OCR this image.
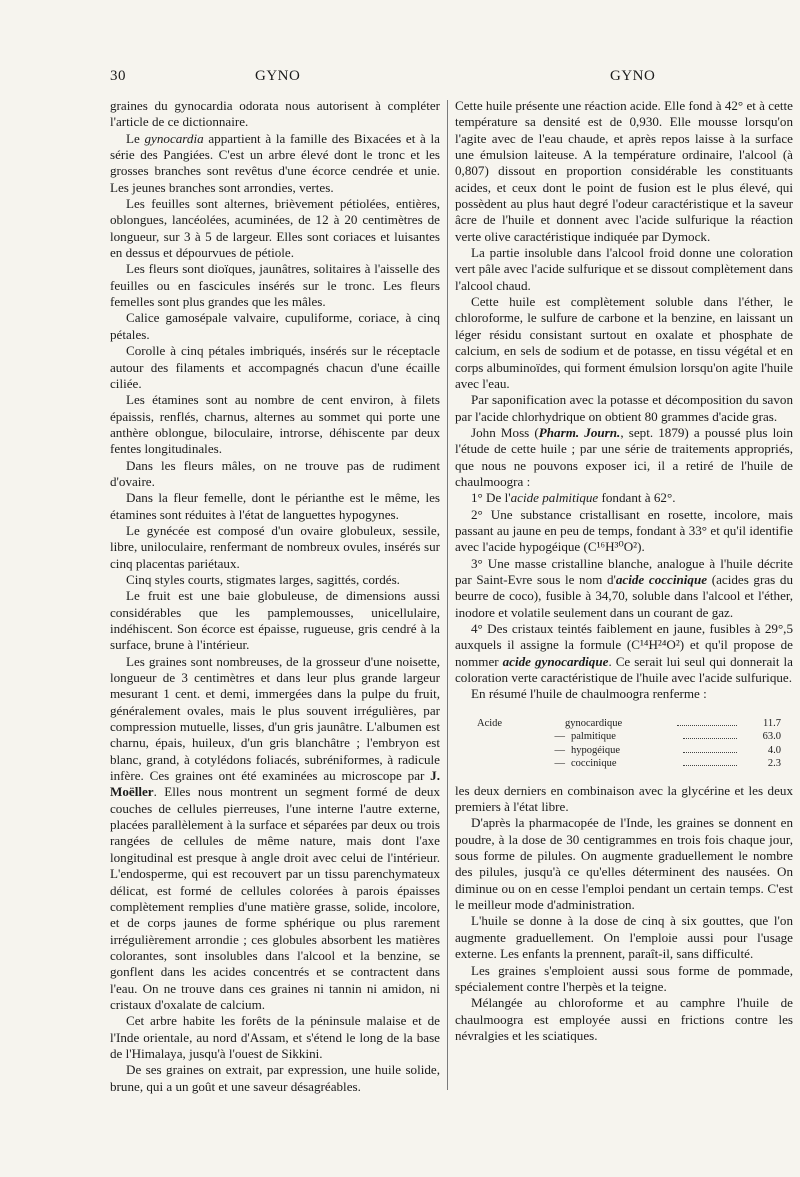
30	GYNO	GYNO

graines du gynocardia odorata nous autorisent à compléter l'article de ce dictionnaire.

Le gynocardia appartient à la famille des Bixacées et à la série des Pangiées. C'est un arbre élevé dont le tronc et les grosses branches sont revêtus d'une écorce cendrée et unie. Les jeunes branches sont arrondies, vertes.

Les feuilles sont alternes, brièvement pétiolées, entières, oblongues, lancéolées, acuminées, de 12 à 20 centimètres de longueur, sur 3 à 5 de largeur. Elles sont coriaces et luisantes en dessus et dépourvues de pétiole.

Les fleurs sont dioïques, jaunâtres, solitaires à l'aisselle des feuilles ou en fascicules insérés sur le tronc. Les fleurs femelles sont plus grandes que les mâles.

Calice gamosépale valvaire, cupuliforme, coriace, à cinq pétales.

Corolle à cinq pétales imbriqués, insérés sur le réceptacle autour des filaments et accompagnés chacun d'une écaille ciliée.

Les étamines sont au nombre de cent environ, à filets épaissis, renflés, charnus, alternes au sommet qui porte une anthère oblongue, biloculaire, introrse, déhiscente par deux fentes longitudinales.

Dans les fleurs mâles, on ne trouve pas de rudiment d'ovaire.

Dans la fleur femelle, dont le périanthe est le même, les étamines sont réduites à l'état de languettes hypogynes.

Le gynécée est composé d'un ovaire globuleux, sessile, libre, uniloculaire, renfermant de nombreux ovules, insérés sur cinq placentas pariétaux.

Cinq styles courts, stigmates larges, sagittés, cordés.

Le fruit est une baie globuleuse, de dimensions aussi considérables que les pamplemousses, unicellulaire, indéhiscent. Son écorce est épaisse, rugueuse, gris cendré à la surface, brune à l'intérieur.

Les graines sont nombreuses, de la grosseur d'une noisette, longueur de 3 centimètres et dans leur plus grande largeur mesurant 1 cent. et demi, immergées dans la pulpe du fruit, généralement ovales, mais le plus souvent irrégulières, par compression mutuelle, lisses, d'un gris jaunâtre. L'albumen est charnu, épais, huileux, d'un gris blanchâtre ; l'embryon est blanc, grand, à cotylédons foliacés, subréniformes, à radicule infère. Ces graines ont été examinées au microscope par J. Moëller. Elles nous montrent un segment formé de deux couches de cellules pierreuses, l'une interne l'autre externe, placées parallèlement à la surface et séparées par deux ou trois rangées de cellules de même nature, mais dont l'axe longitudinal est presque à angle droit avec celui de l'intérieur. L'endosperme, qui est recouvert par un tissu parenchymateux délicat, est formé de cellules colorées à parois épaisses complètement remplies d'une matière grasse, solide, incolore, et de corps jaunes de forme sphérique ou plus rarement irrégulièrement arrondie ; ces globules absorbent les matières colorantes, sont insolubles dans l'alcool et la benzine, se gonflent dans les acides concentrés et se contractent dans l'eau. On ne trouve dans ces graines ni tannin ni amidon, ni cristaux d'oxalate de calcium.

Cet arbre habite les forêts de la péninsule malaise et de l'Inde orientale, au nord d'Assam, et s'étend le long de la base de l'Himalaya, jusqu'à l'ouest de Sikkini.

De ses graines on extrait, par expression, une huile solide, brune, qui a un goût et une saveur désagréables.

Cette huile présente une réaction acide. Elle fond à 42° et à cette température sa densité est de 0,930. Elle mousse lorsqu'on l'agite avec de l'eau chaude, et après repos laisse à la surface une émulsion laiteuse. A la température ordinaire, l'alcool (à 0,807) dissout en proportion considérable les constituants acides, et ceux dont le point de fusion est le plus élevé, qui possèdent au plus haut degré l'odeur caractéristique et la saveur âcre de l'huile et donnent avec l'acide sulfurique la réaction verte olive caractéristique indiquée par Dymock.

La partie insoluble dans l'alcool froid donne une coloration vert pâle avec l'acide sulfurique et se dissout complètement dans l'alcool chaud.

Cette huile est complètement soluble dans l'éther, le chloroforme, le sulfure de carbone et la benzine, en laissant un léger résidu consistant surtout en oxalate et phosphate de calcium, en sels de sodium et de potasse, en tissu végétal et en corps albuminoïdes, qui forment émulsion lorsqu'on agite l'huile avec l'eau.

Par saponification avec la potasse et décomposition du savon par l'acide chlorhydrique on obtient 80 grammes d'acide gras.

John Moss (Pharm. Journ., sept. 1879) a poussé plus loin l'étude de cette huile ; par une série de traitements appropriés, que nous ne pouvons exposer ici, il a retiré de l'huile de chaulmoogra :

1° De l'acide palmitique fondant à 62°.

2° Une substance cristallisant en rosette, incolore, mais passant au jaune en peu de temps, fondant à 33° et qu'il identifie avec l'acide hypogéique (C¹⁶H³⁰O²).

3° Une masse cristalline blanche, analogue à l'huile décrite par Saint-Evre sous le nom d'acide coccinique (acides gras du beurre de coco), fusible à 34,70, soluble dans l'alcool et l'éther, inodore et volatile seulement dans un courant de gaz.

4° Des cristaux teintés faiblement en jaune, fusibles à 29°,5 auxquels il assigne la formule (C¹⁴H²⁴O²) et qu'il propose de nommer acide gynocardique. Ce serait lui seul qui donnerait la coloration verte caractéristique de l'huile avec l'acide sulfurique.

En résumé l'huile de chaulmoogra renferme :

Acide	gynocardique	11.7
— palmitique	63.0
— hypogéique	4.0
— coccinique	2.3

les deux derniers en combinaison avec la glycérine et les deux premiers à l'état libre.

D'après la pharmacopée de l'Inde, les graines se donnent en poudre, à la dose de 30 centigrammes en trois fois chaque jour, sous forme de pilules. On augmente graduellement le nombre des pilules, jusqu'à ce qu'elles déterminent des nausées. On diminue ou on en cesse l'emploi pendant un certain temps. C'est le meilleur mode d'administration.

L'huile se donne à la dose de cinq à six gouttes, que l'on augmente graduellement. On l'emploie aussi pour l'usage externe. Les enfants la prennent, paraît-il, sans difficulté.

Les graines s'emploient aussi sous forme de pommade, spécialement contre l'herpès et la teigne.

Mélangée au chloroforme et au camphre l'huile de chaulmoogra est employée aussi en frictions contre les névralgies et les sciatiques.
